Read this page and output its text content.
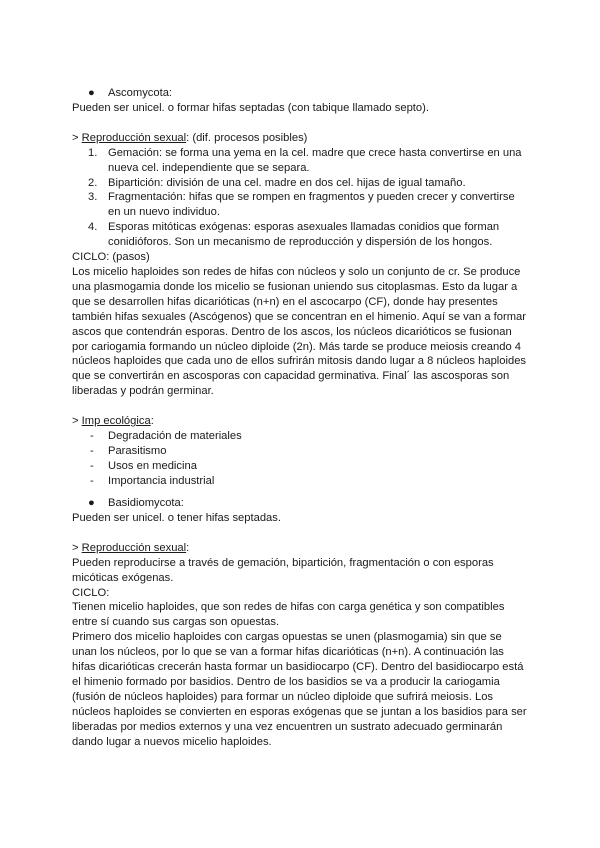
●	Ascomycota:

Pueden ser unicel. o formar hifas septadas (con tabique llamado septo).

> Reproducción sexual: (dif. procesos posibles)

1. Gemación: se forma una yema en la cel. madre que crece hasta convertirse en una nueva cel. independiente que se separa.
2. Bipartición: división de una cel. madre en dos cel. hijas de igual tamaño.
3. Fragmentación: hifas que se rompen en fragmentos y pueden crecer y convertirse en un nuevo individuo.
4. Esporas mitóticas exógenas: esporas asexuales llamadas conidios que forman conidióforos. Son un mecanismo de reproducción y dispersión de los hongos.

CICLO: (pasos)

Los micelio haploides son redes de hifas con núcleos y solo un conjunto de cr. Se produce una plasmogamia donde los micelio se fusionan uniendo sus citoplasmas. Esto da lugar a que se desarrollen hifas dicarióticas (n+n) en el ascocarpo (CF), donde hay presentes también hifas sexuales (Ascógenos) que se concentran en el himenio. Aquí se van a formar ascos que contendrán esporas. Dentro de los ascos, los núcleos dicarióticos se fusionan por cariogamia formando un núcleo diploide (2n). Más tarde se produce meiosis creando 4 núcleos haploides que cada uno de ellos sufrirán mitosis dando lugar a 8 núcleos haploides que se convertirán en ascosporas con capacidad germinativa. Final´ las ascosporas son liberadas y podrán germinar.

> Imp ecológica:

-	Degradación de materiales
-	Parasitismo
-	Usos en medicina
-	Importancia industrial
●	Basidiomycota:

Pueden ser unicel. o tener hifas septadas.

> Reproducción sexual:

Pueden reproducirse a través de gemación, bipartición, fragmentación o con esporas micóticas exógenas.

CICLO:

Tienen micelio haploides, que son redes de hifas con carga genética y son compatibles entre sí cuando sus cargas son opuestas.

Primero dos micelio haploides con cargas opuestas se unen (plasmogamia) sin que se unan los núcleos, por lo que se van a formar hifas dicarióticas (n+n). A continuación las hifas dicarióticas crecerán hasta formar un basidiocarpo (CF). Dentro del basidiocarpo está el himenio formado por basidios. Dentro de los basidios se va a producir la cariogamia (fusión de núcleos haploides) para formar un núcleo diploide que sufrirá meiosis. Los núcleos haploides se convierten en esporas exógenas que se juntan a los basidios para ser liberadas por medios externos y una vez encuentren un sustrato adecuado germinarán dando lugar a nuevos micelio haploides.
